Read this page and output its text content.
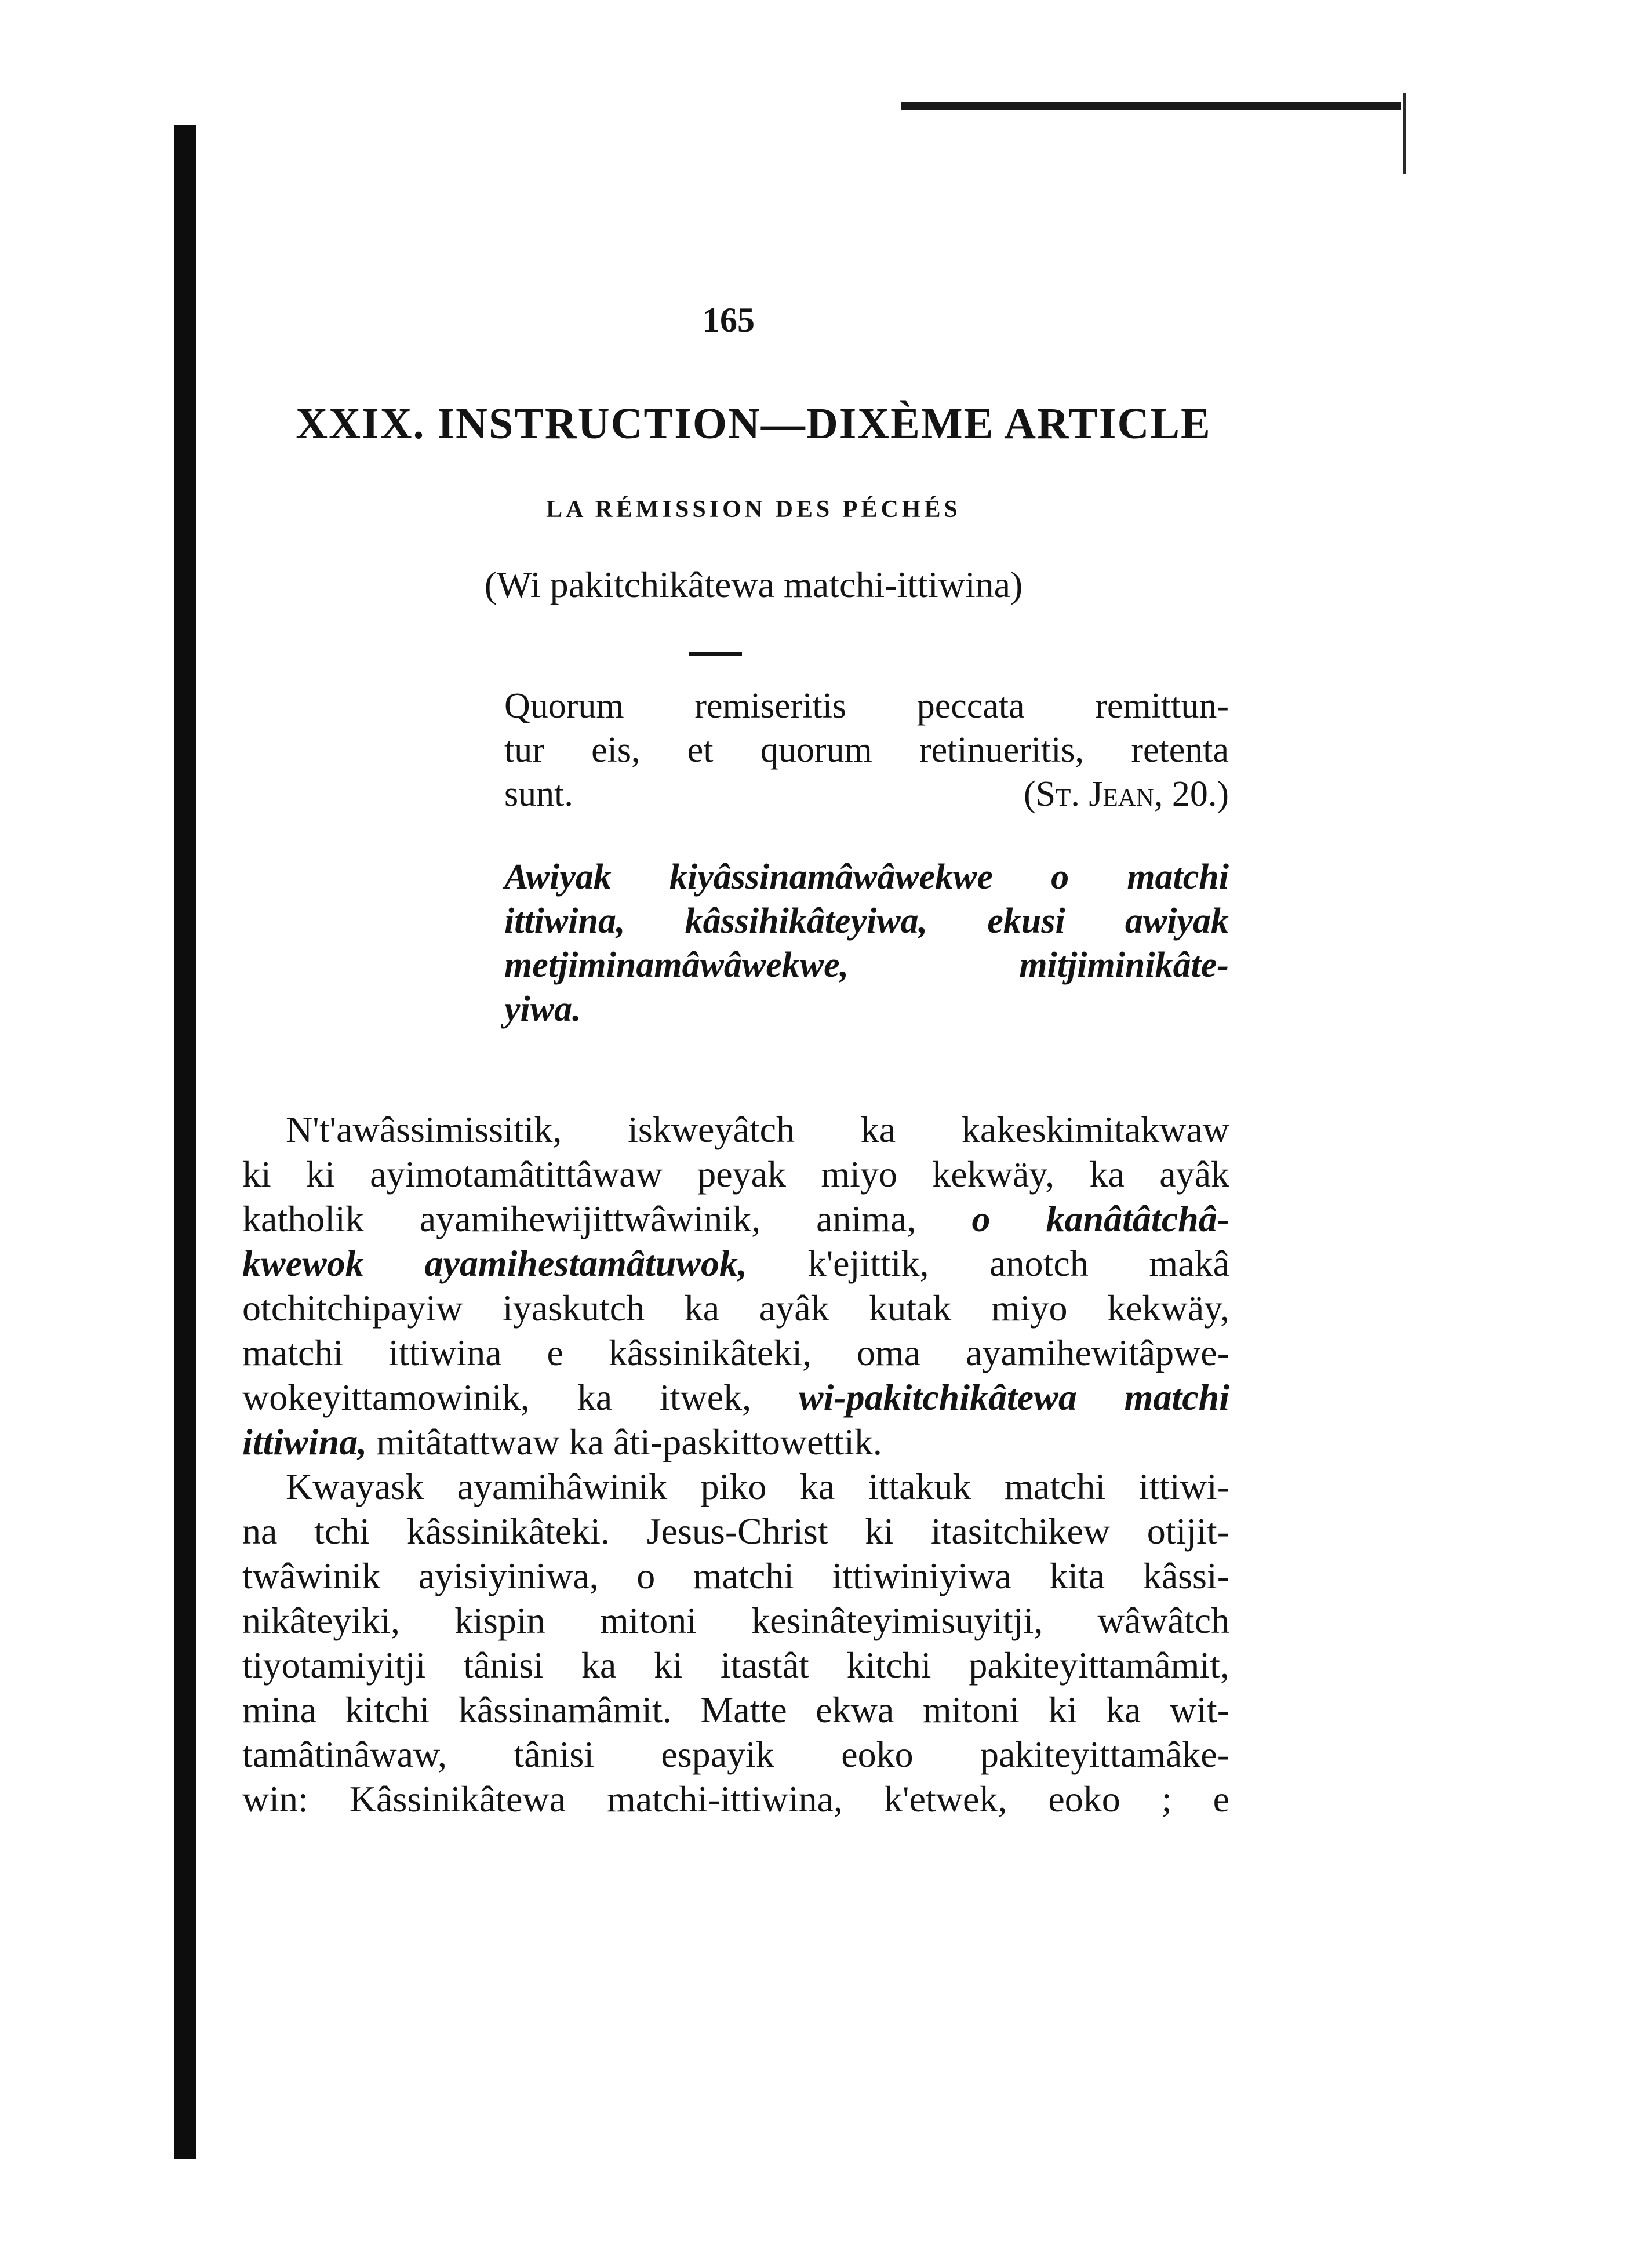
165
XXIX. INSTRUCTION—DIXÈME ARTICLE
LA RÉMISSION DES PÉCHÉS
(Wi pakitchikâtewa matchi-ittiwina)
Quorum remiseritis peccata remittun-
tur eis, et quorum retinueritis, retenta
sunt.	(St. Jean, 20.)
Awiyak kiyâssinamâwâwekwe o matchi
ittiwina, kâssihikâteyiwa, ekusi awiyak
metjiminamâwâwekwe, mitjiminikâte-
yiwa.
N't'awâssimissitik, iskweyâtch ka kakeskimitakwaw
ki ki ayimotamâtittâwaw peyak miyo kekwäy, ka ayâk
katholik ayamihewijittwâwinik, anima, o kanâtâtchâ-
kwewok ayamihestamâtuwok, k'ejittik, anotch makâ
otchitchipayiw iyaskutch ka ayâk kutak miyo kekwäy,
matchi ittiwina e kâssinikâteki, oma ayamihewitâpwe-
wokeyittamowinik, ka itwek, wi-pakitchikâtewa matchi
ittiwina, mitâtattwaw ka âti-paskittowettik.
Kwayask ayamihâwinik piko ka ittakuk matchi ittiwi-
na tchi kâssinikâteki. Jesus-Christ ki itasitchikew otijit-
twâwinik ayisiyiniwa, o matchi ittiwiniyiwa kita kâssi-
nikâteyiki, kispin mitoni kesinâteyimisuyitji, wâwâtch
tiyotamiyitji tânisi ka ki itastât kitchi pakiteyittamâmit,
mina kitchi kâssinamâmit. Matte ekwa mitoni ki ka wit-
tamâtinâwaw, tânisi espayik eoko pakiteyittamâke-
win: Kâssinikâtewa matchi-ittiwina, k'etwek, eoko ; e
